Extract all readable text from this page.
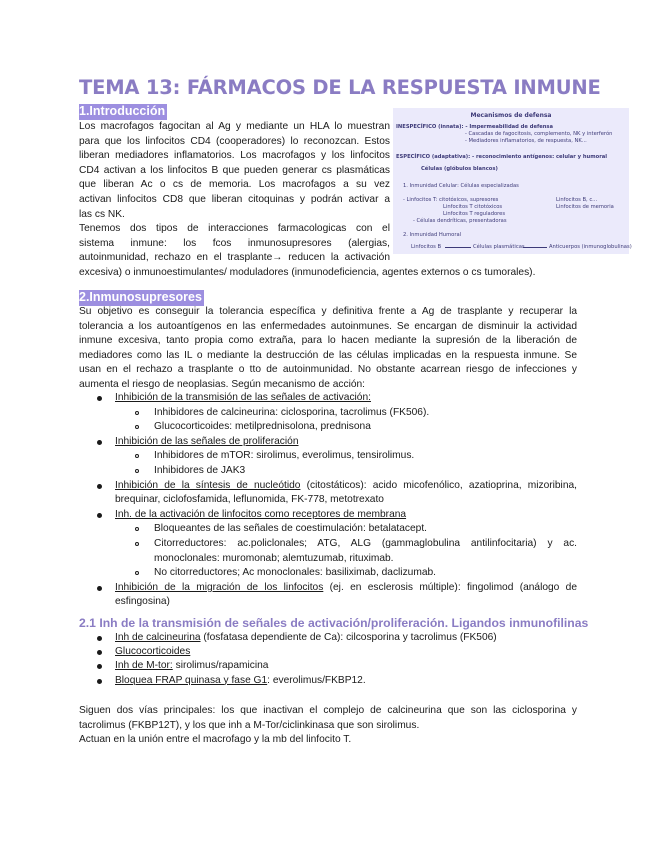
TEMA 13: FÁRMACOS DE LA RESPUESTA INMUNE
1.Introducción
Los macrofagos fagocitan al Ag y mediante un HLA lo muestran
para que los linfocitos CD4 (cooperadores) lo reconozcan. Estos
liberan mediadores inflamatorios. Los macrofagos y los linfocitos
CD4 activan a los linfocitos B que pueden generar cs plasmáticas
que liberan Ac o cs de memoria. Los macrofagos a su vez
activan linfocitos CD8 que liberan citoquinas y podrán activar a
las cs NK.
Tenemos dos tipos de interacciones farmacologicas con el
sistema inmune: los fcos inmunosupresores (alergias,
autoinmunidad, rechazo en el trasplante→ reducen la activación
excesiva) o inmunoestimulantes/ moduladores (inmunodeficiencia, agentes externos o cs tumorales).
Mecanismos de defensa
INESPECÍFICO (innata): - Impermeabilidad de defensa
- Cascadas de fagocitosis, complemento, NK y interferón
- Mediadores inflamatorios, de respuesta, NK...
ESPECÍFICO (adaptativa): - reconocimiento antígenos: celular y humoral
Células (glóbulos blancos)
1. Inmunidad Celular: Células especializadas
- Linfocitos T: citotóxicos, supresores
Linfocitos T citotóxicos
Linfocitos T reguladores
- Células dendríticas, presentadoras
Linfocitos B, c...
Linfocitos de memoria
2. Inmunidad Humoral
Linfocitos B	Células plasmáticas	Anticuerpos (inmunoglobulinas)
2.Inmunosupresores
Su objetivo es conseguir la tolerancia específica y definitiva frente a Ag de trasplante y recuperar la
tolerancia a los autoantígenos en las enfermedades autoinmunes. Se encargan de disminuir la actividad
inmune excesiva, tanto propia como extraña, para lo hacen mediante la supresión de la liberación de
mediadores como las IL o mediante la destrucción de las células implicadas en la respuesta inmune. Se
usan en el rechazo a trasplante o tto de autoinmunidad. No obstante acarrean riesgo de infecciones y
aumenta el riesgo de neoplasias. Según mecanismo de acción:
Inhibición de la transmisión de las señales de activación:
Inhibidores de calcineurina: ciclosporina, tacrolimus (FK506).
Glucocorticoides: metilprednisolona, prednisona
Inhibición de las señales de proliferación
Inhibidores de mTOR: sirolimus, everolimus, tensirolimus.
Inhibidores de JAK3
Inhibición de la síntesis de nucleótido (citostáticos): acido micofenólico, azatioprina, mizoribina,
brequinar, ciclofosfamida, leflunomida, FK-778, metotrexato
Inh. de la activación de linfocitos como receptores de membrana
Bloqueantes de las señales de coestimulación: betalatacept.
Citorreductores: ac.policlonales; ATG, ALG (gammaglobulina antilinfocitaria) y ac.
monoclonales: muromonab; alemtuzumab, rituximab.
No citorreductores; Ac monoclonales: basiliximab, daclizumab.
Inhibición de la migración de los linfocitos (ej. en esclerosis múltiple): fingolimod (análogo de
esfingosina)
2.1 Inh de la transmisión de señales de activación/proliferación. Ligandos inmunofilinas
Inh de calcineurina (fosfatasa dependiente de Ca): cilcosporina y tacrolimus (FK506)
Glucocorticoides
Inh de M-tor: sirolimus/rapamicina
Bloquea FRAP quinasa y fase G1: everolimus/FKBP12.
Siguen dos vías principales: los que inactivan el complejo de calcineurina que son las ciclosporina y
tacrolimus (FKBP12T), y los que inh a M-Tor/ciclinkinasa que son sirolimus.
Actuan en la unión entre el macrofago y la mb del linfocito T.
